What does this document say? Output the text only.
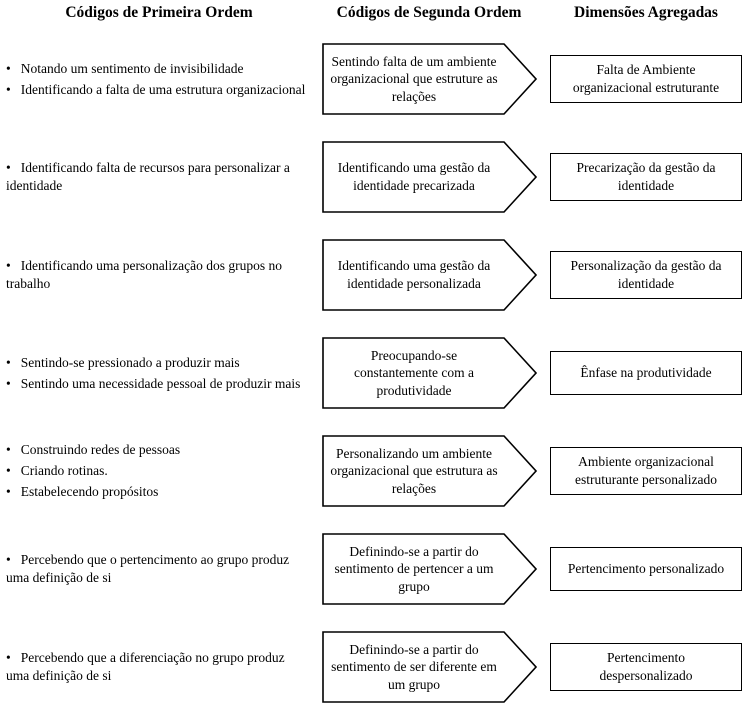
Códigos de Primeira Ordem	Códigos de Segunda Ordem	Dimensões Agregadas
• Notando um sentimento de invisibilidade
• Identificando a falta de uma estrutura organizacional
Sentindo falta de um ambiente organizacional que estruture as relações
Falta de Ambiente organizacional estruturante
• Identificando falta de recursos para personalizar a identidade
Identificando uma gestão da identidade precarizada
Precarização da gestão da identidade
• Identificando uma personalização dos grupos no trabalho
Identificando uma gestão da identidade personalizada
Personalização da gestão da identidade
• Sentindo-se pressionado a produzir mais
• Sentindo uma necessidade pessoal de produzir mais
Preocupando-se constantemente com a produtividade
Ênfase na produtividade
• Construindo redes de pessoas
• Criando rotinas.
• Estabelecendo propósitos
Personalizando um ambiente organizacional que estrutura as relações
Ambiente organizacional estruturante personalizado
• Percebendo que o pertencimento ao grupo produz uma definição de si
Definindo-se a partir do sentimento de pertencer a um grupo
Pertencimento personalizado
• Percebendo que a diferenciação no grupo produz uma definição de si
Definindo-se a partir do sentimento de ser diferente em um grupo
Pertencimento despersonalizado
